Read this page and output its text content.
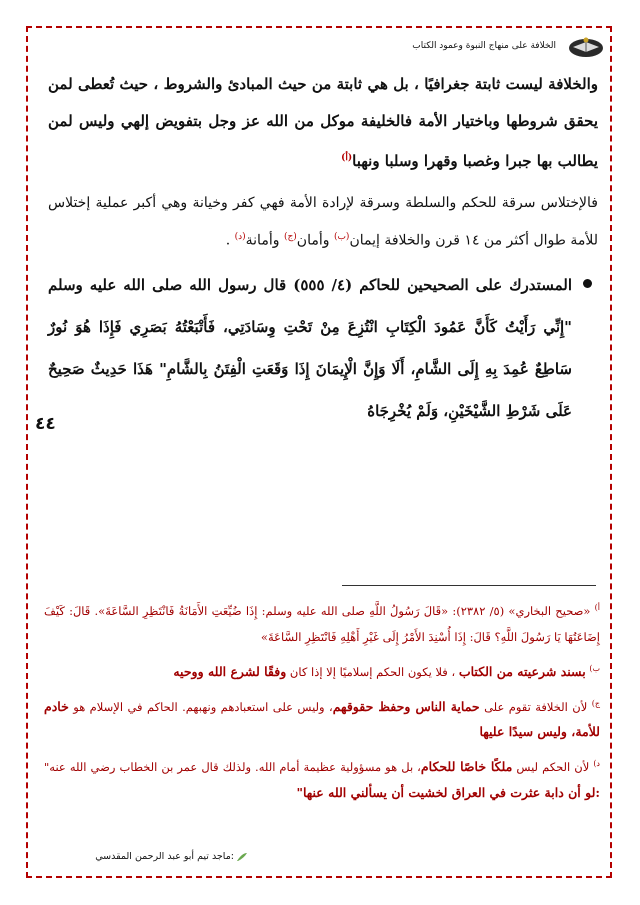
الخلافة على منهاج النبوة وعمود الكتاب
٤٤

والخلافة ليست ثابتة جغرافيًا ، بل هي ثابتة من حيث المبادئ والشروط ، حيث تُعطى لمن يحقق شروطها وباختيار الأمة فالخليفة موكل من الله عز وجل بتفويض إلهي وليس لمن يطالب بها جبرا وغصبا وقهرا وسلبا ونهبا$^{(أ)}$

فالإختلاس سرقة للحكم والسلطة وسرقة لإرادة الأمة فهي كفر وخيانة وهي أكبر عملية إختلاس للأمة طوال أكثر من ١٤ قرن والخلافة إيمان$^{(ب)}$ وأمان$^{(ج)}$ وأمانة$^{(د)}$ .

المستدرك على الصحيحين للحاكم (٤/ ٥٥٥) قال رسول الله صلى الله عليه وسلم "إِنِّي رَأَيْتُ كَأَنَّ عَمُودَ الْكِتَابِ انْتُزِعَ مِنْ تَحْتِ وِسَادَتِي، فَأَتْبَعْتُهُ بَصَرِي فَإِذَا هُوَ نُورٌ سَاطِعٌ عُمِدَ بِهِ إِلَى الشَّامِ، أَلَا وَإِنَّ الْإِيمَانَ إِذَا وَقَعَتِ الْفِتَنُ بِالشَّامِ" هَذَا حَدِيثٌ صَحِيحٌ عَلَى شَرْطِ الشَّيْخَيْنِ، وَلَمْ يُخْرِجَاهُ

$^{أ)}$ «صحيح البخاري» (٥/ ٢٣٨٢): «قَالَ رَسُولُ اللَّهِ صلى الله عليه وسلم: إِذَا ضُيِّعَتِ الأَمَانَةُ فَانْتَظِرِ السَّاعَةَ». قَالَ: كَيْفَ إِضَاعَتُهَا يَا رَسُولَ اللَّهِ؟ قَالَ: إِذَا أُسْنِدَ الأَمْرُ إِلَى غَيْرِ أَهْلِهِ فَانْتَظِرِ السَّاعَةَ»

$^{ب)}$ بسند شرعيته من الكتاب ، فلا يكون الحكم إسلاميًا إلا إذا كان وفقًا لشرع الله ووحيه

$^{ج)}$ لأن الخلافة تقوم على حماية الناس وحفظ حقوقهم، وليس على استعبادهم ونهبهم. الحاكم في الإسلام هو خادم للأمة، وليس سيدًا عليها

$^{د)}$ لأن الحكم ليس ملكًا خاصًا للحكام، بل هو مسؤولية عظيمة أمام الله. ولذلك قال عمر بن الخطاب رضي الله عنه" :لو أن دابة عثرت في العراق لخشيت أن يسألني الله عنها"

:ماجد تيم أبو عبد الرحمن المقدسي
